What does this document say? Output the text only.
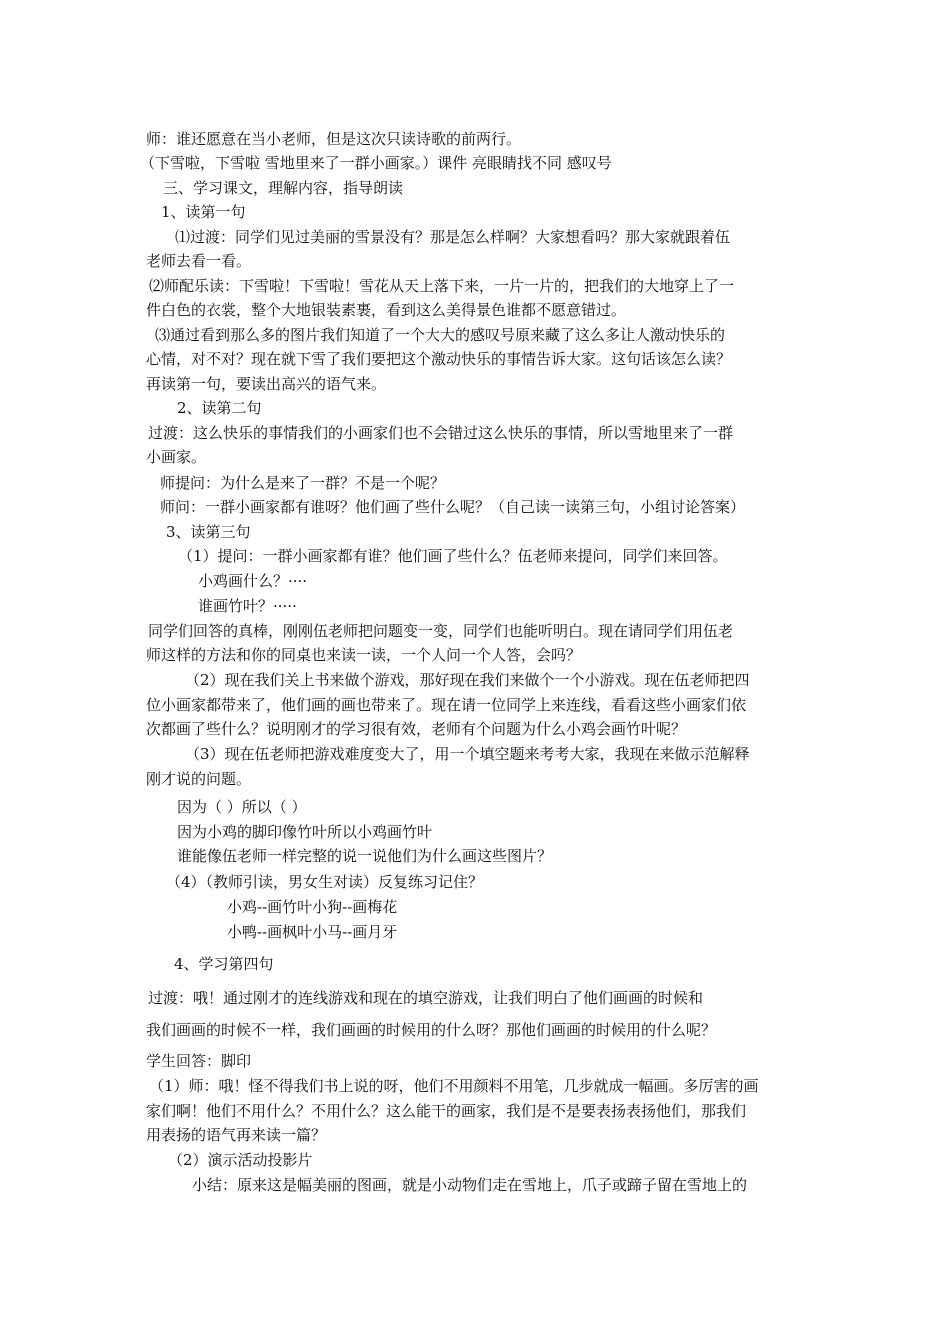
师：谁还愿意在当小老师，但是这次只读诗歌的前两行。
（下雪啦，下雪啦 雪地里来了一群小画家。）课件 亮眼睛找不同 感叹号
三、学习课文，理解内容，指导朗读
1、读第一句
⑴过渡：同学们见过美丽的雪景没有？那是怎么样啊？大家想看吗？那大家就跟着伍
老师去看一看。
⑵师配乐读：下雪啦！下雪啦！雪花从天上落下来，一片一片的，把我们的大地穿上了一
件白色的衣裳，整个大地银装素裹，看到这么美得景色谁都不愿意错过。
⑶通过看到那么多的图片我们知道了一个大大的感叹号原来藏了这么多让人激动快乐的
心情，对不对？现在就下雪了我们要把这个激动快乐的事情告诉大家。这句话该怎么读？
再读第一句，要读出高兴的语气来。
2、读第二句
过渡：这么快乐的事情我们的小画家们也不会错过这么快乐的事情，所以雪地里来了一群
小画家。
师提问：为什么是来了一群？不是一个呢？
师问：一群小画家都有谁呀？他们画了些什么呢？（自己读一读第三句，小组讨论答案）
3、读第三句
（1）提问：一群小画家都有谁？他们画了些什么？伍老师来提问，同学们来回答。
小鸡画什么？····
谁画竹叶？·····
同学们回答的真棒，刚刚伍老师把问题变一变，同学们也能听明白。现在请同学们用伍老
师这样的方法和你的同桌也来读一读，一个人问一个人答，会吗？
（2）现在我们关上书来做个游戏，那好现在我们来做个一个小游戏。现在伍老师把四
位小画家都带来了，他们画的画也带来了。现在请一位同学上来连线，看看这些小画家们依
次都画了些什么？说明刚才的学习很有效，老师有个问题为什么小鸡会画竹叶呢？
（3）现在伍老师把游戏难度变大了，用一个填空题来考考大家，我现在来做示范解释
刚才说的问题。
因为（ ）所以（ ）
因为小鸡的脚印像竹叶所以小鸡画竹叶
谁能像伍老师一样完整的说一说他们为什么画这些图片？
（4）（教师引读，男女生对读）反复练习记住？
小鸡--画竹叶小狗--画梅花
小鸭--画枫叶小马--画月牙
4、学习第四句
过渡：哦！通过刚才的连线游戏和现在的填空游戏，让我们明白了他们画画的时候和
我们画画的时候不一样，我们画画的时候用的什么呀？那他们画画的时候用的什么呢？
学生回答：脚印
（1）师：哦！怪不得我们书上说的呀，他们不用颜料不用笔，几步就成一幅画。多厉害的画
家们啊！他们不用什么？不用什么？这么能干的画家，我们是不是要表扬表扬他们，那我们
用表扬的语气再来读一篇？
（2）演示活动投影片
小结：原来这是幅美丽的图画，就是小动物们走在雪地上，爪子或蹄子留在雪地上的
